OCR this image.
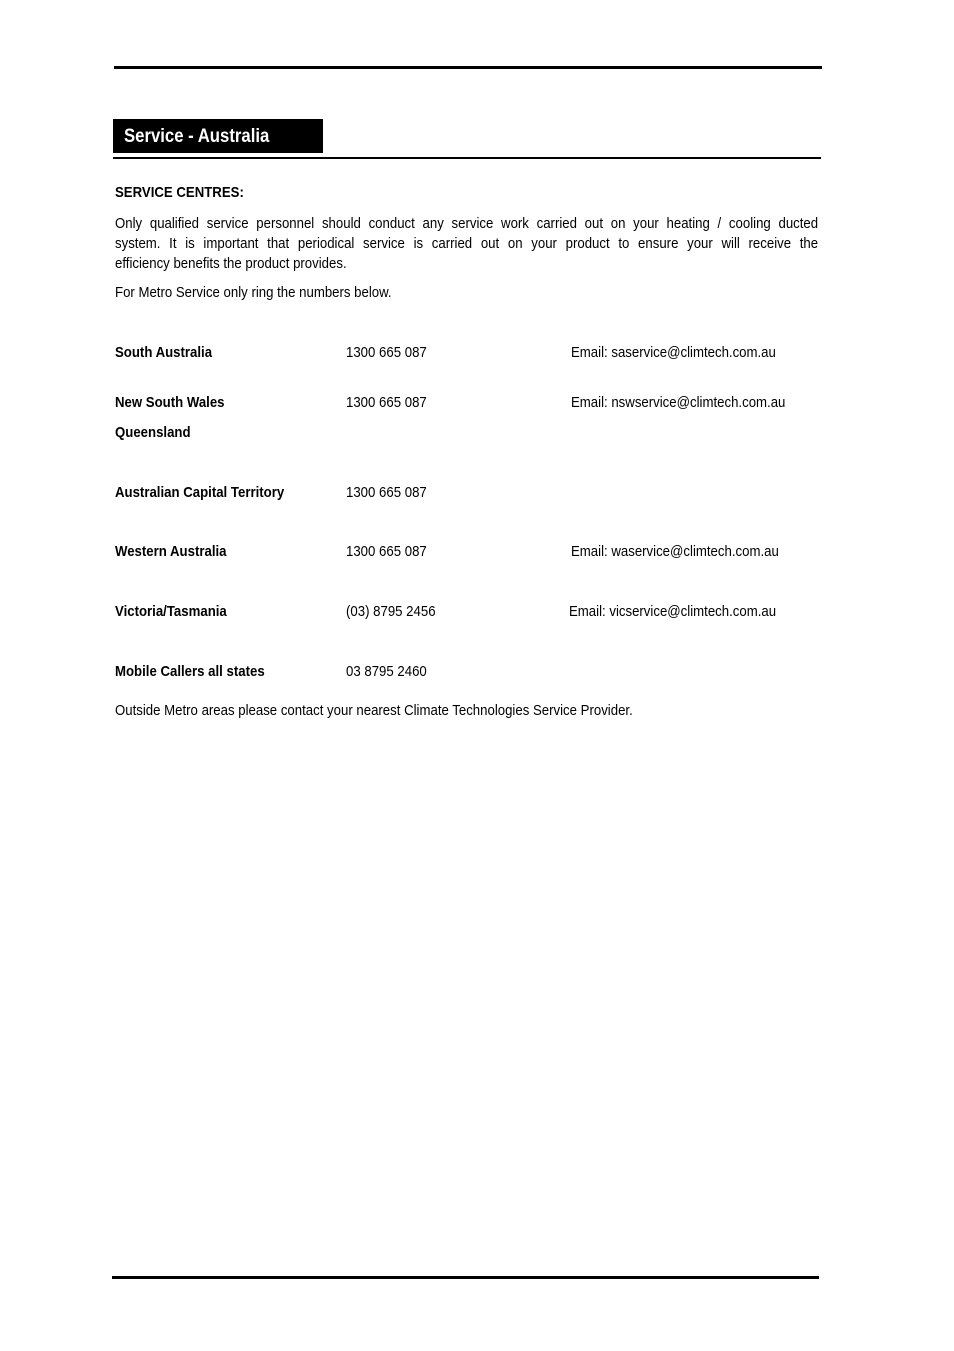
Service - Australia
SERVICE CENTRES:
Only qualified service personnel should conduct any service work carried out on your heating / cooling ducted
system. It is important that periodical service is carried out on your product to ensure your will receive the
efficiency benefits the product provides.
For Metro Service only ring the numbers below.
South Australia	1300 665 087	Email: saservice@climtech.com.au
New South Wales	1300 665 087	Email: nswservice@climtech.com.au
Queensland
Australian Capital Territory	1300 665 087
Western Australia	1300 665 087	Email: waservice@climtech.com.au
Victoria/Tasmania	(03) 8795 2456	Email: vicservice@climtech.com.au
Mobile Callers all states	03 8795 2460
Outside Metro areas please contact your nearest Climate Technologies Service Provider.
